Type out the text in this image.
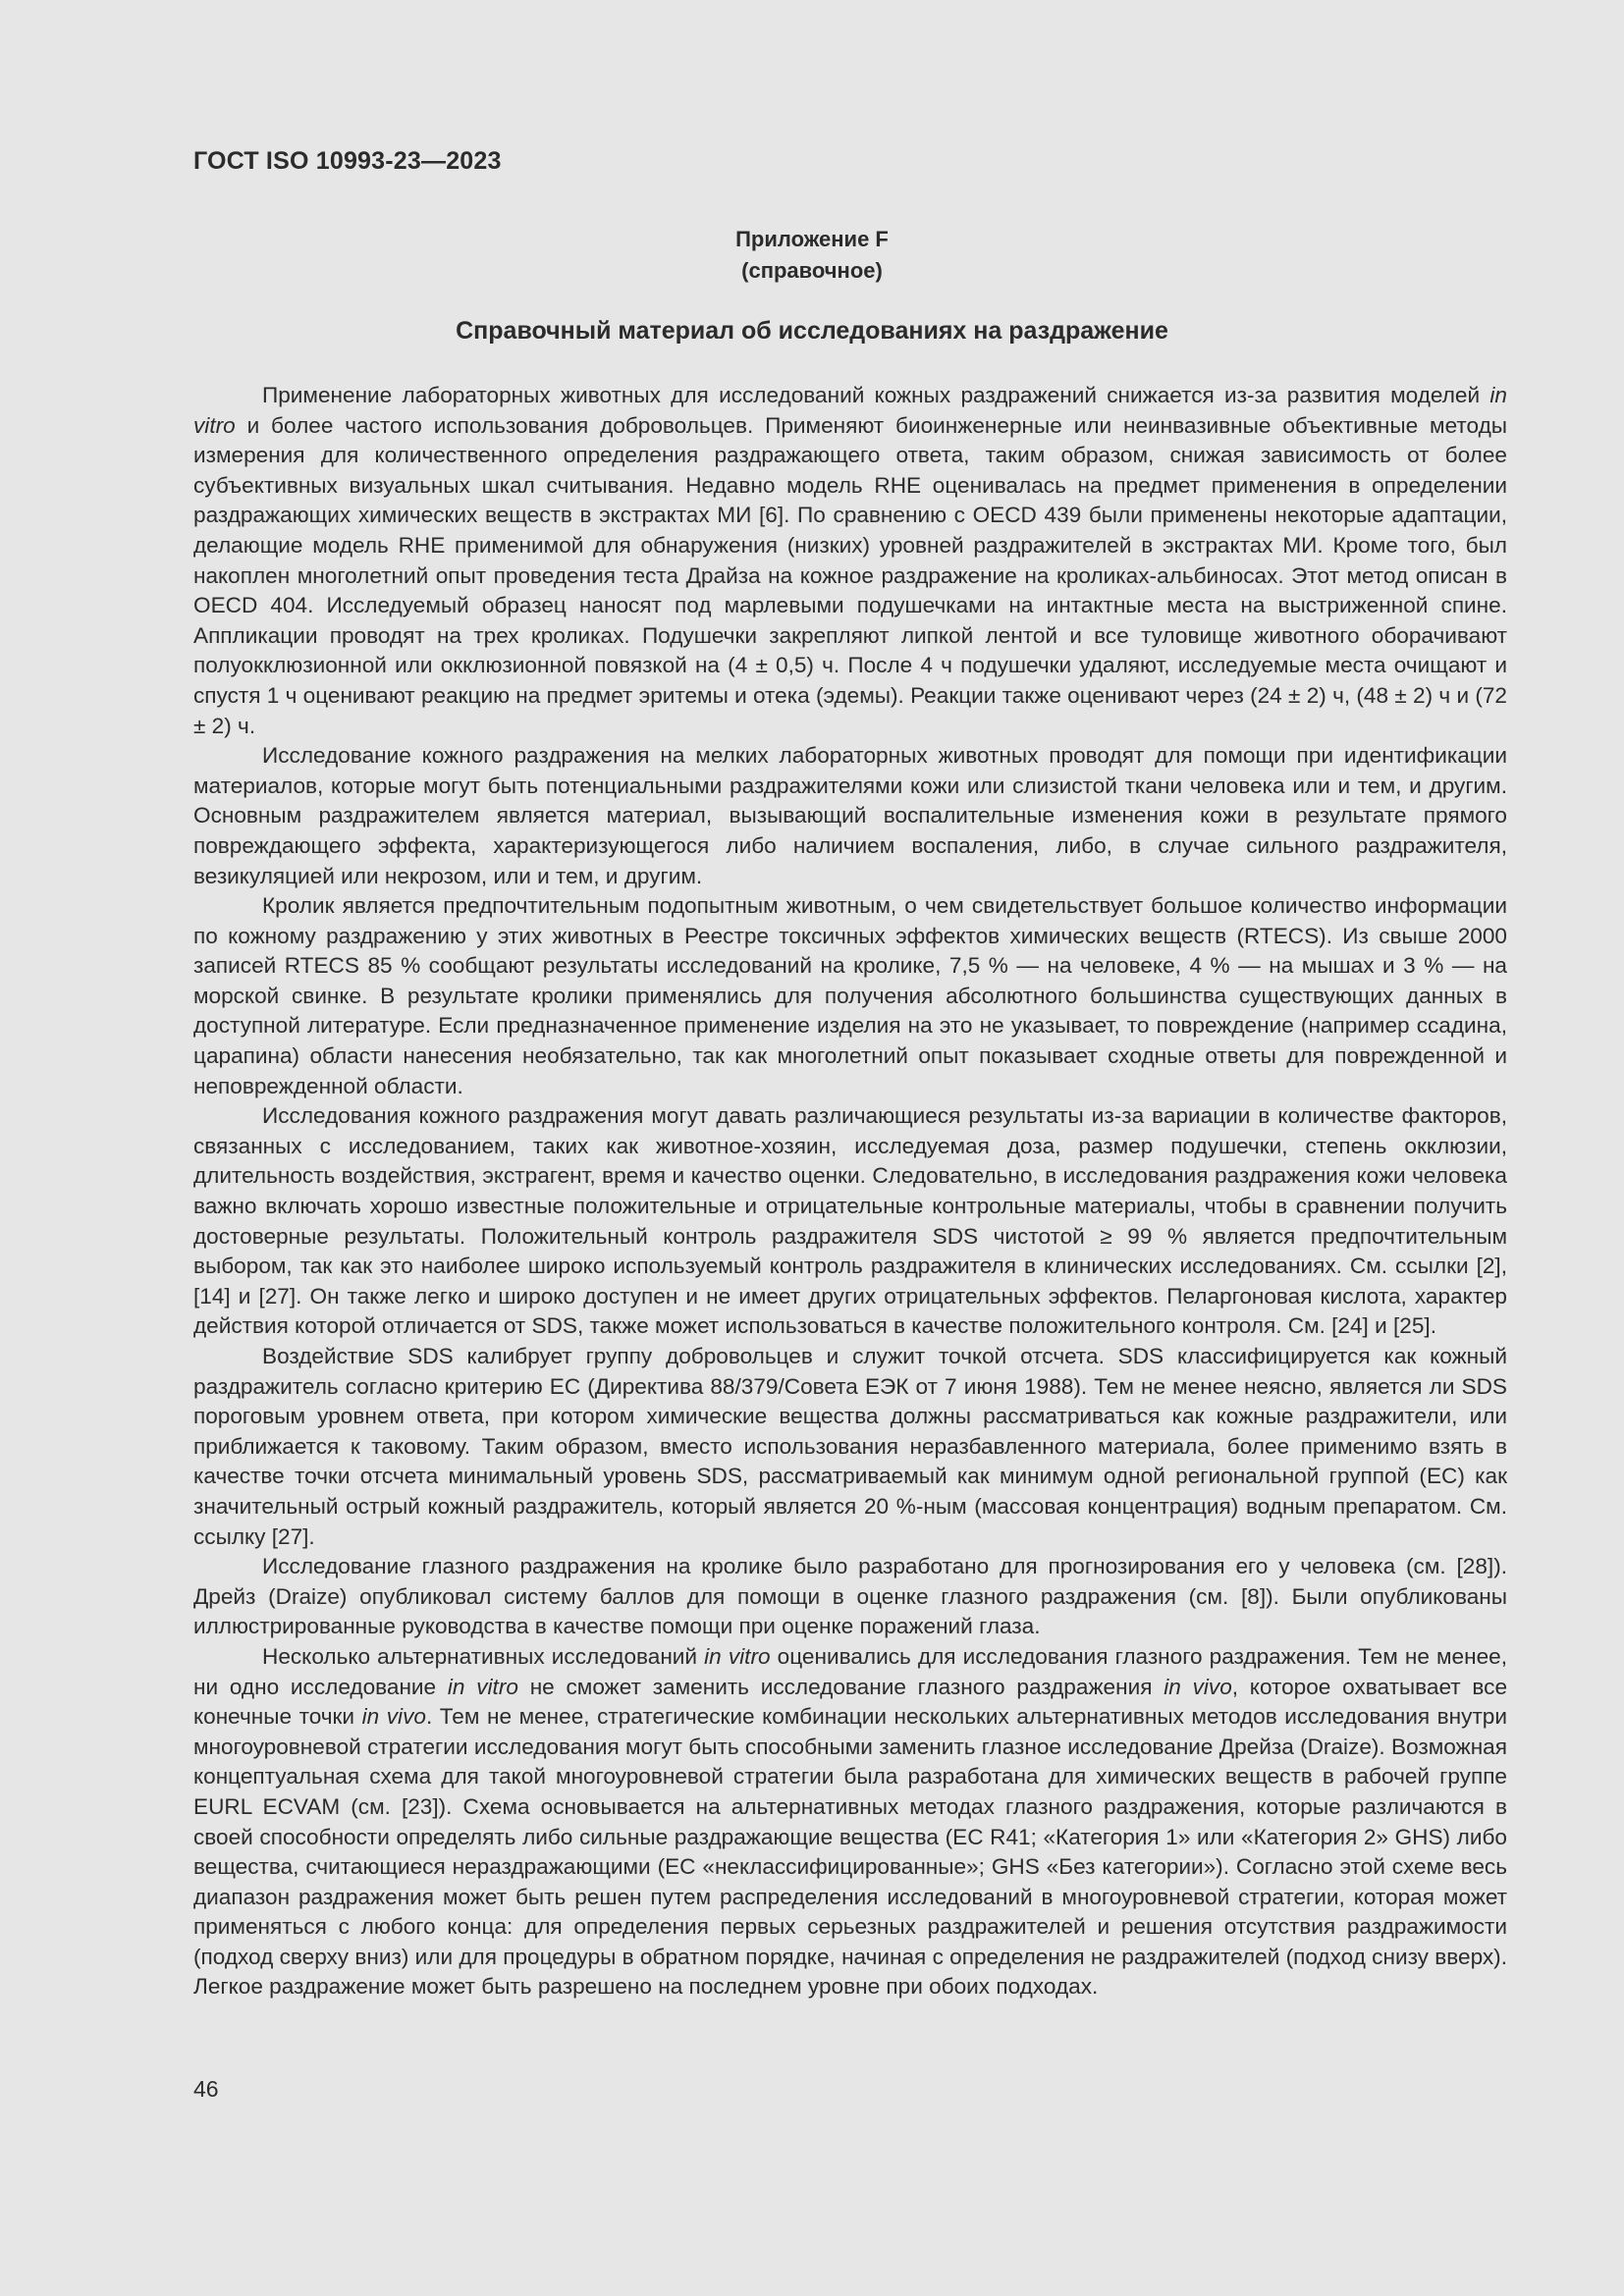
ГОСТ ISO 10993-23—2023
Приложение F
(справочное)
Справочный материал об исследованиях на раздражение

Применение лабораторных животных для исследований кожных раздражений снижается из-за развития моделей in vitro и более частого использования добровольцев. Применяют биоинженерные или неинвазивные объективные методы измерения для количественного определения раздражающего ответа, таким образом, снижая зависимость от более субъективных визуальных шкал считывания. Недавно модель RHE оценивалась на предмет применения в определении раздражающих химических веществ в экстрактах МИ [6]. По сравнению с OECD 439 были применены некоторые адаптации, делающие модель RHE применимой для обнаружения (низких) уровней раздражителей в экстрактах МИ. Кроме того, был накоплен многолетний опыт проведения теста Драйза на кожное раздражение на кроликах-альбиносах. Этот метод описан в OECD 404. Исследуемый образец наносят под марлевыми подушечками на интактные места на выстриженной спине. Аппликации проводят на трех кроликах. Подушечки закрепляют липкой лентой и все туловище животного оборачивают полуокклюзионной или окклюзионной повязкой на (4 ± 0,5) ч. После 4 ч подушечки удаляют, исследуемые места очищают и спустя 1 ч оценивают реакцию на предмет эритемы и отека (эдемы). Реакции также оценивают через (24 ± 2) ч, (48 ± 2) ч и (72 ± 2) ч.

Исследование кожного раздражения на мелких лабораторных животных проводят для помощи при идентификации материалов, которые могут быть потенциальными раздражителями кожи или слизистой ткани человека или и тем, и другим. Основным раздражителем является материал, вызывающий воспалительные изменения кожи в результате прямого повреждающего эффекта, характеризующегося либо наличием воспаления, либо, в случае сильного раздражителя, везикуляцией или некрозом, или и тем, и другим.

Кролик является предпочтительным подопытным животным, о чем свидетельствует большое количество информации по кожному раздражению у этих животных в Реестре токсичных эффектов химических веществ (RTECS). Из свыше 2000 записей RTECS 85 % сообщают результаты исследований на кролике, 7,5 % — на человеке, 4 % — на мышах и 3 % — на морской свинке. В результате кролики применялись для получения абсолютного большинства существующих данных в доступной литературе. Если предназначенное применение изделия на это не указывает, то повреждение (например ссадина, царапина) области нанесения необязательно, так как многолетний опыт показывает сходные ответы для поврежденной и неповрежденной области.

Исследования кожного раздражения могут давать различающиеся результаты из-за вариации в количестве факторов, связанных с исследованием, таких как животное-хозяин, исследуемая доза, размер подушечки, степень окклюзии, длительность воздействия, экстрагент, время и качество оценки. Следовательно, в исследования раздражения кожи человека важно включать хорошо известные положительные и отрицательные контрольные материалы, чтобы в сравнении получить достоверные результаты. Положительный контроль раздражителя SDS чистотой ≥ 99 % является предпочтительным выбором, так как это наиболее широко используемый контроль раздражителя в клинических исследованиях. См. ссылки [2], [14] и [27]. Он также легко и широко доступен и не имеет других отрицательных эффектов. Пеларгоновая кислота, характер действия которой отличается от SDS, также может использоваться в качестве положительного контроля. См. [24] и [25].

Воздействие SDS калибрует группу добровольцев и служит точкой отсчета. SDS классифицируется как кожный раздражитель согласно критерию ЕС (Директива 88/379/Совета ЕЭК от 7 июня 1988). Тем не менее неясно, является ли SDS пороговым уровнем ответа, при котором химические вещества должны рассматриваться как кожные раздражители, или приближается к таковому. Таким образом, вместо использования неразбавленного материала, более применимо взять в качестве точки отсчета минимальный уровень SDS, рассматриваемый как минимум одной региональной группой (ЕС) как значительный острый кожный раздражитель, который является 20 %-ным (массовая концентрация) водным препаратом. См. ссылку [27].

Исследование глазного раздражения на кролике было разработано для прогнозирования его у человека (см. [28]). Дрейз (Draize) опубликовал систему баллов для помощи в оценке глазного раздражения (см. [8]). Были опубликованы иллюстрированные руководства в качестве помощи при оценке поражений глаза.

Несколько альтернативных исследований in vitro оценивались для исследования глазного раздражения. Тем не менее, ни одно исследование in vitro не сможет заменить исследование глазного раздражения in vivo, которое охватывает все конечные точки in vivo. Тем не менее, стратегические комбинации нескольких альтернативных методов исследования внутри многоуровневой стратегии исследования могут быть способными заменить глазное исследование Дрейза (Draize). Возможная концептуальная схема для такой многоуровневой стратегии была разработана для химических веществ в рабочей группе EURL ECVAM (см. [23]). Схема основывается на альтернативных методах глазного раздражения, которые различаются в своей способности определять либо сильные раздражающие вещества (ЕС R41; «Категория 1» или «Категория 2» GHS) либо вещества, считающиеся нераздражающими (ЕС «неклассифицированные»; GHS «Без категории»). Согласно этой схеме весь диапазон раздражения может быть решен путем распределения исследований в многоуровневой стратегии, которая может применяться с любого конца: для определения первых серьезных раздражителей и решения отсутствия раздражимости (подход сверху вниз) или для процедуры в обратном порядке, начиная с определения не раздражителей (подход снизу вверх). Легкое раздражение может быть разрешено на последнем уровне при обоих подходах.

46
